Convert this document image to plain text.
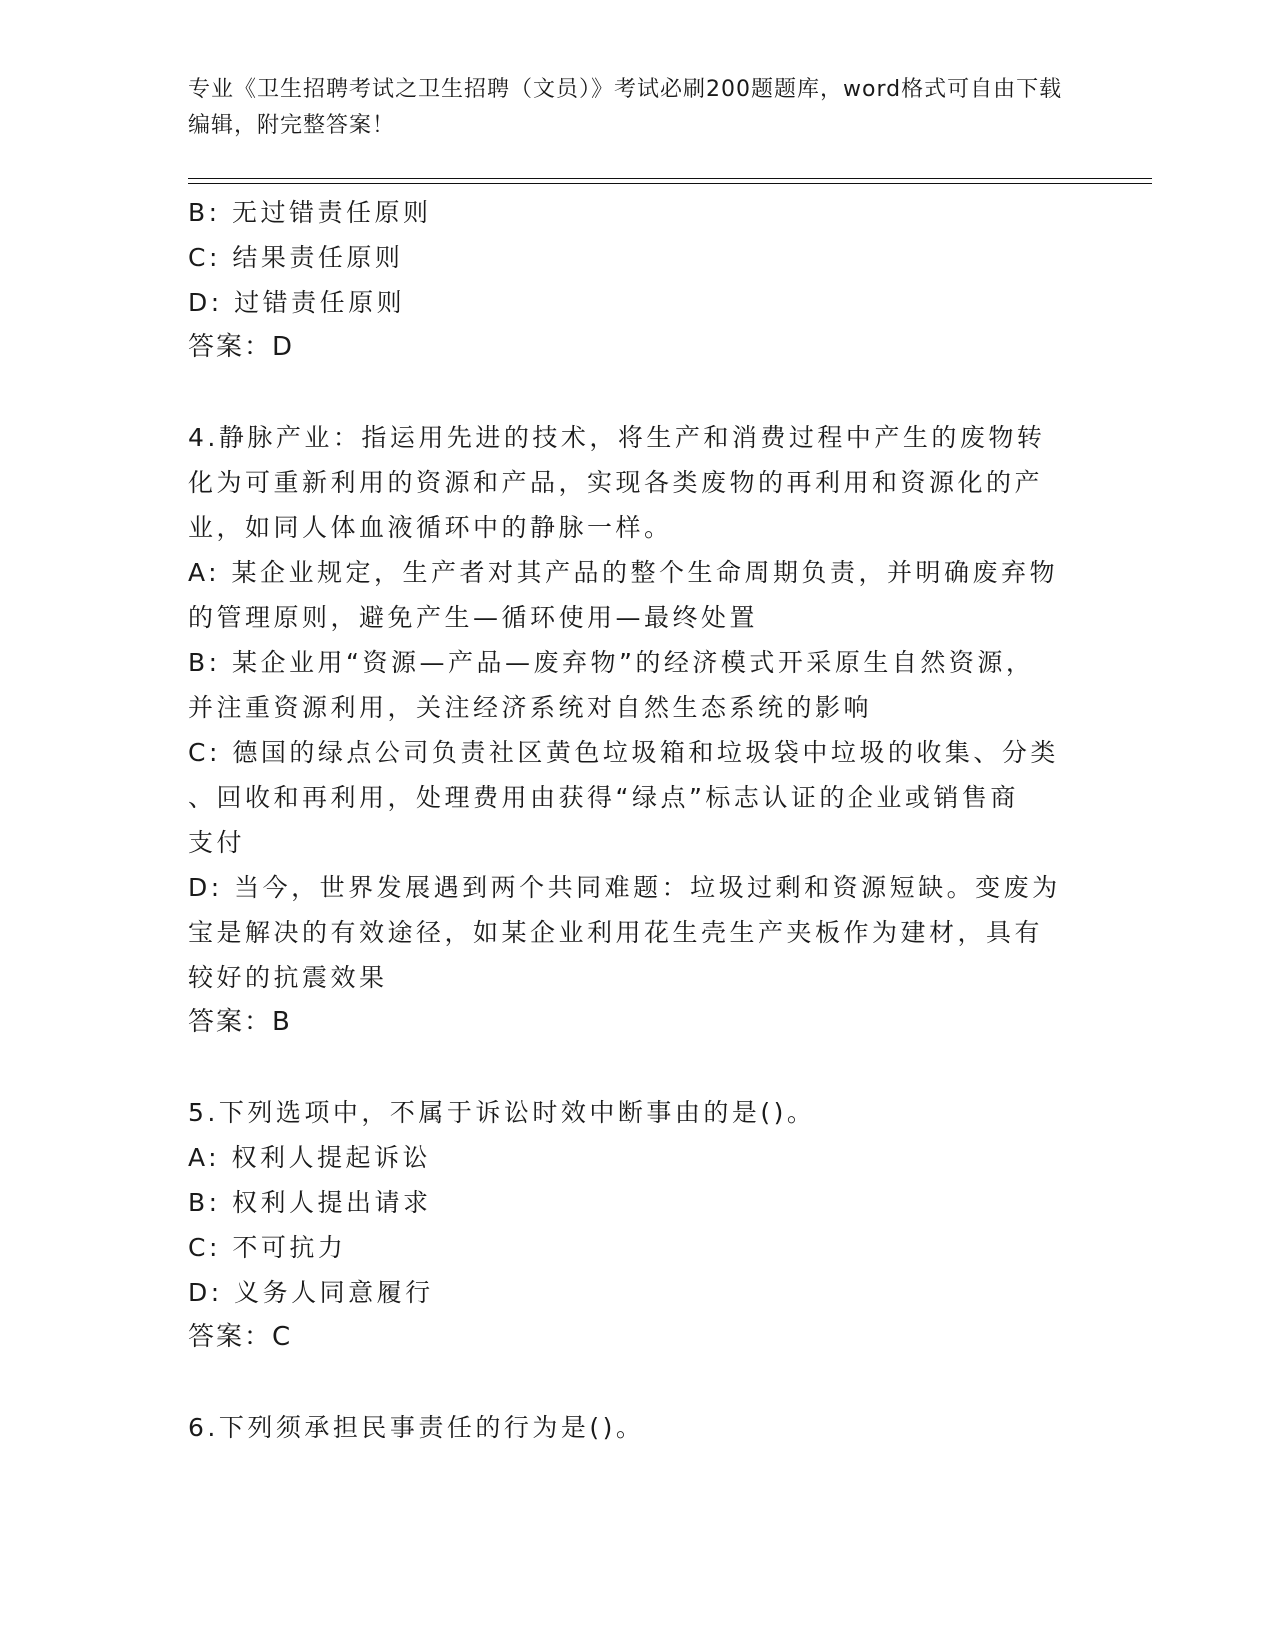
专业《卫生招聘考试之卫生招聘（文员）》考试必刷200题题库，word格式可自由下载编辑，附完整答案！
B: 无过错责任原则
C: 结果责任原则
D: 过错责任原则
答案：D
4.静脉产业：指运用先进的技术，将生产和消费过程中产生的废物转
化为可重新利用的资源和产品，实现各类废物的再利用和资源化的产
业，如同人体血液循环中的静脉一样。
A: 某企业规定，生产者对其产品的整个生命周期负责，并明确废弃物
的管理原则，避免产生—循环使用—最终处置
B: 某企业用“资源—产品—废弃物”的经济模式开采原生自然资源，
并注重资源利用，关注经济系统对自然生态系统的影响
C: 德国的绿点公司负责社区黄色垃圾箱和垃圾袋中垃圾的收集、分类
、回收和再利用，处理费用由获得“绿点”标志认证的企业或销售商
支付
D: 当今，世界发展遇到两个共同难题：垃圾过剩和资源短缺。变废为
宝是解决的有效途径，如某企业利用花生壳生产夹板作为建材，具有
较好的抗震效果
答案：B
5.下列选项中，不属于诉讼时效中断事由的是()。
A: 权利人提起诉讼
B: 权利人提出请求
C: 不可抗力
D: 义务人同意履行
答案：C
6.下列须承担民事责任的行为是()。
